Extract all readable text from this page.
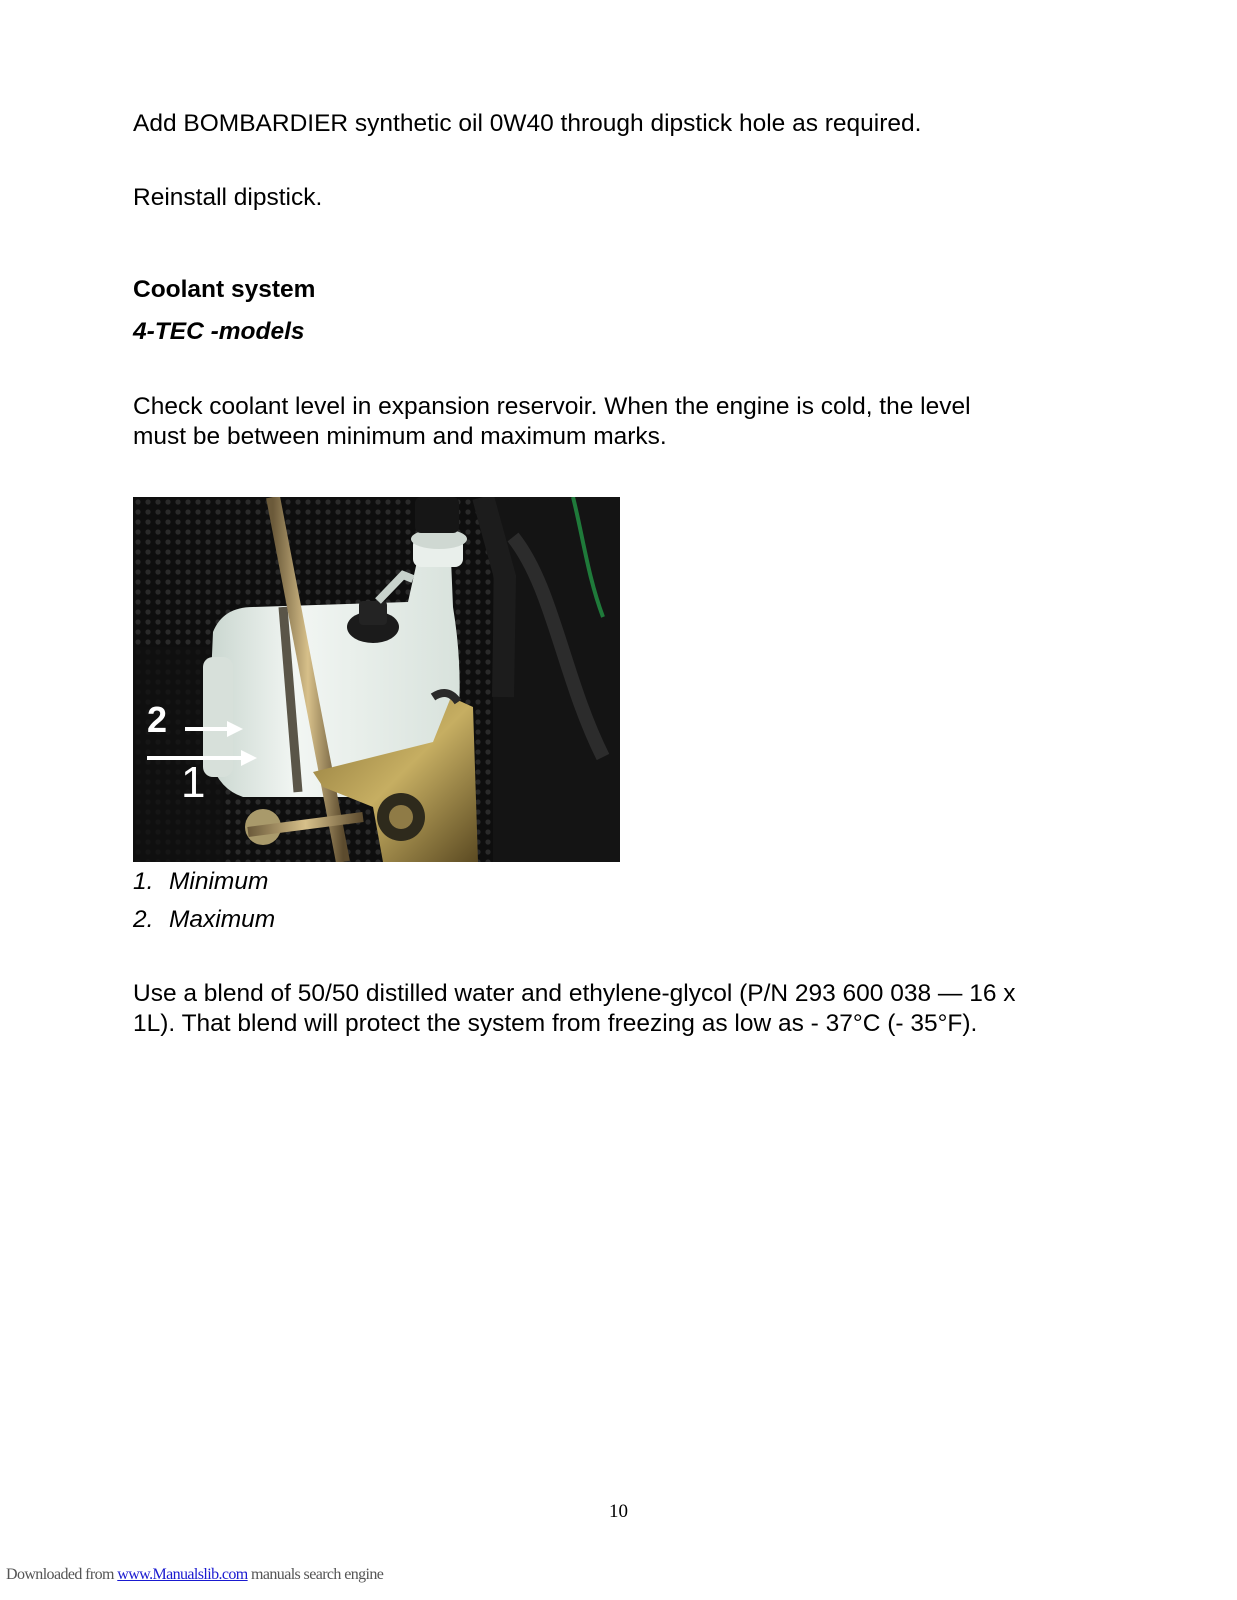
Add BOMBARDIER synthetic oil 0W40 through dipstick hole as required.
Reinstall dipstick.
Coolant system
4-TEC -models
Check coolant level in expansion reservoir. When the engine is cold, the level
must be between minimum and maximum marks.
2
1
1. Minimum
2. Maximum
Use a blend of 50/50 distilled water and ethylene-glycol (P/N 293 600 038 — 16 x
1L). That blend will protect the system from freezing as low as - 37°C (- 35°F).
10
Downloaded from www.Manualslib.com manuals search engine
